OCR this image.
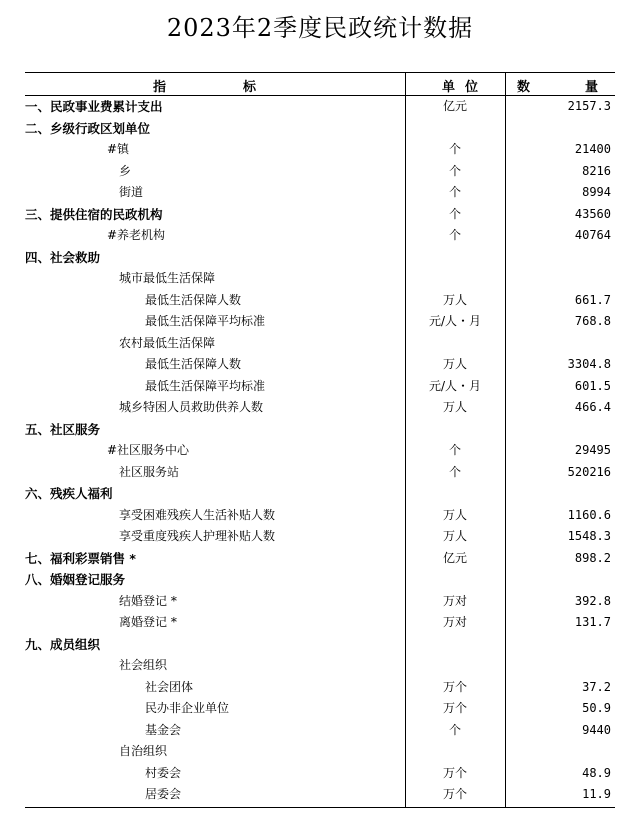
2023年2季度民政统计数据
指	标	单位	数	量
一、民政事业费累计支出	亿元	2157.3
二、乡级行政区划单位
#镇	个	21400
乡	个	8216
街道	个	8994
三、提供住宿的民政机构	个	43560
#养老机构	个	40764
四、社会救助
城市最低生活保障
最低生活保障人数	万人	661.7
最低生活保障平均标准	元/人・月	768.8
农村最低生活保障
最低生活保障人数	万人	3304.8
最低生活保障平均标准	元/人・月	601.5
城乡特困人员救助供养人数	万人	466.4
五、社区服务
#社区服务中心	个	29495
社区服务站	个	520216
六、残疾人福利
享受困难残疾人生活补贴人数	万人	1160.6
享受重度残疾人护理补贴人数	万人	1548.3
七、福利彩票销售 *	亿元	898.2
八、婚姻登记服务
结婚登记 *	万对	392.8
离婚登记 *	万对	131.7
九、成员组织
社会组织
社会团体	万个	37.2
民办非企业单位	万个	50.9
基金会	个	9440
自治组织
村委会	万个	48.9
居委会	万个	11.9
